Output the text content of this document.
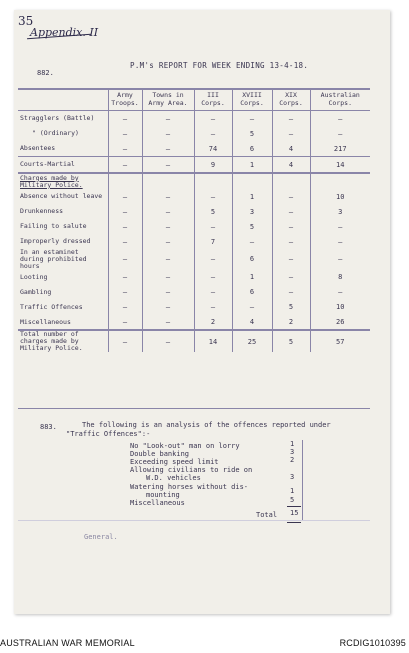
35
Appendix. II
882.
P.M's REPORT FOR WEEK ENDING 13-4-18.
	Army Troops.	Towns in Army Area.	III Corps.	XVIII Corps.	XIX Corps.	Australian Corps.
Stragglers (Battle)	–	–	–	–	–	–
" (Ordinary)	–	–	–	5	–	–
Absentees	–	–	74	6	4	217
Courts-Martial	–	–	9	1	4	14
Charges made by Military Police.						
Absence without leave	–	–	–	1	–	10
Drunkenness	–	–	5	3	–	3
Failing to salute	–	–	–	5	–	–
Improperly dressed	–	–	7	–	–	–
In an estaminet during prohibited hours	–	–	–	6	–	–
Looting	–	–	–	1	–	8
Gambling	–	–	–	6	–	–
Traffic Offences	–	–	–	–	5	10
Miscellaneous	–	–	2	4	2	26
Total number of charges made by Military Police.	–	–	14	25	5	57
883.	The following is an analysis of the offences reported under
"Traffic Offences":-
No "Look-out" man on lorry	1
Double banking	3
Exceeding speed limit	2
Allowing civilians to ride on
W.D. vehicles	3
Watering horses without dis-	1
mounting
Miscellaneous	5
Total 15
General.
AUSTRALIAN WAR MEMORIAL	RCDIG1010395
